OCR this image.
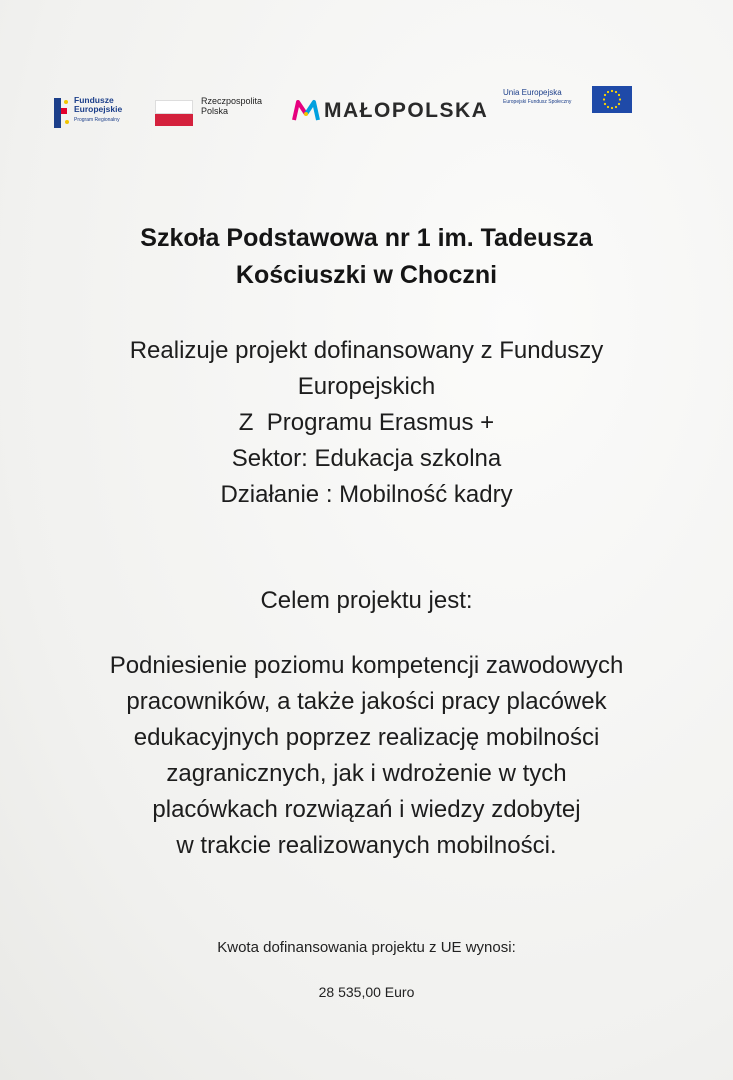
Fundusze
Europejskie
Program Regionalny
Rzeczpospolita
Polska	MAŁOPOLSKA
Unia Europejska
Europejski Fundusz Społeczny
Szkoła Podstawowa nr 1 im. Tadeusza
Kościuszki w Choczni
Realizuje projekt dofinansowany z Funduszy
Europejskich
Z  Programu Erasmus +
Sektor: Edukacja szkolna
Działanie : Mobilność kadry
Celem projektu jest:
Podniesienie poziomu kompetencji zawodowych
pracowników, a także jakości pracy placówek
edukacyjnych poprzez realizację mobilności
zagranicznych, jak i wdrożenie w tych
placówkach rozwiązań i wiedzy zdobytej
w trakcie realizowanych mobilności.
Kwota dofinansowania projektu z UE wynosi:
28 535,00 Euro
